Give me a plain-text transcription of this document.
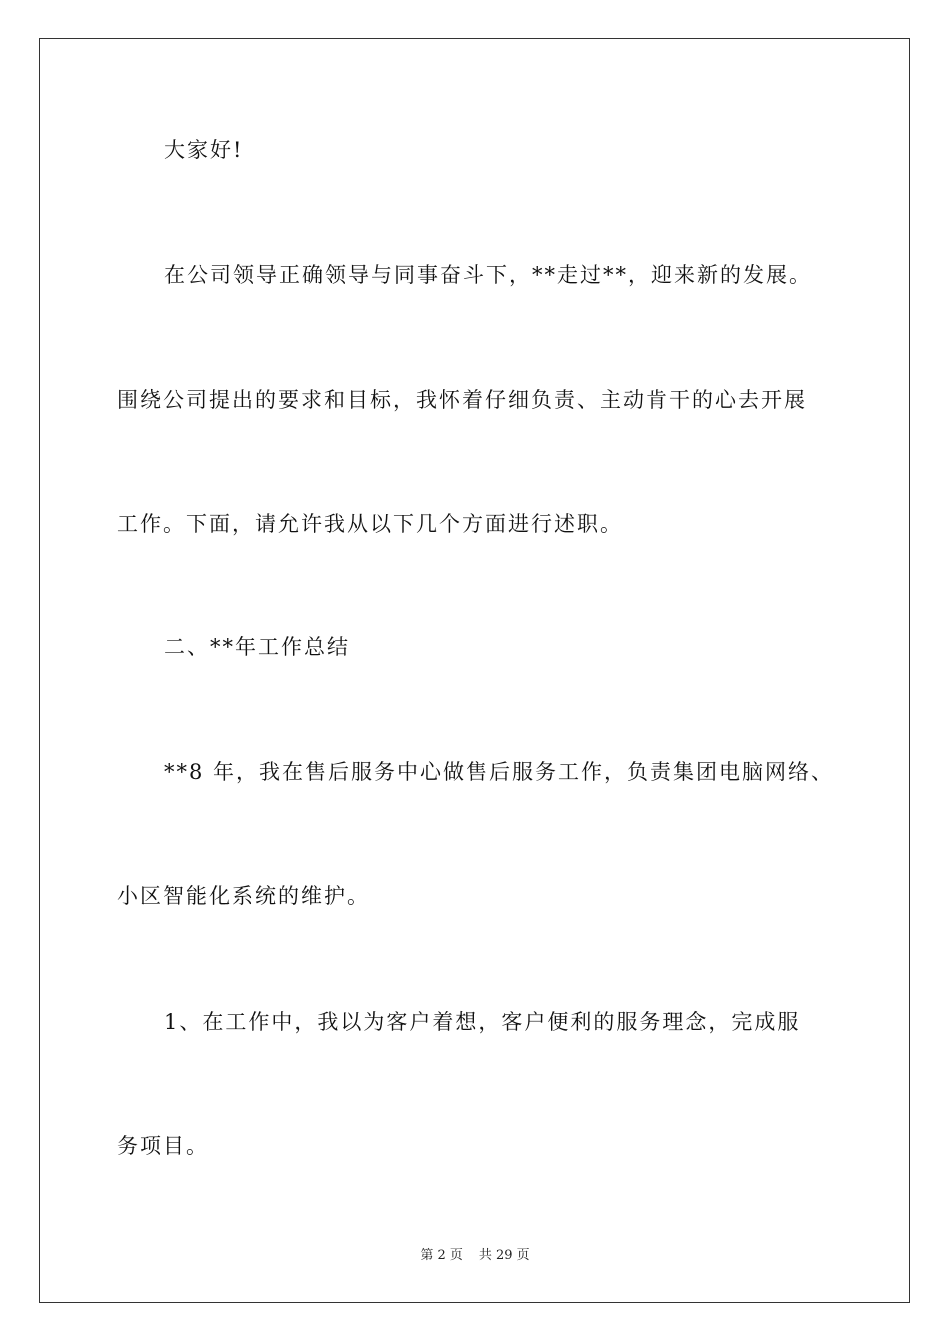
大家好!
在公司领导正确领导与同事奋斗下，**走过**，迎来新的发展。
围绕公司提出的要求和目标，我怀着仔细负责、主动肯干的心去开展
工作。下面，请允许我从以下几个方面进行述职。
二、**年工作总结
**8 年，我在售后服务中心做售后服务工作，负责集团电脑网络、
小区智能化系统的维护。
1、在工作中，我以为客户着想，客户便利的服务理念，完成服
务项目。
第 2 页 共 29 页
